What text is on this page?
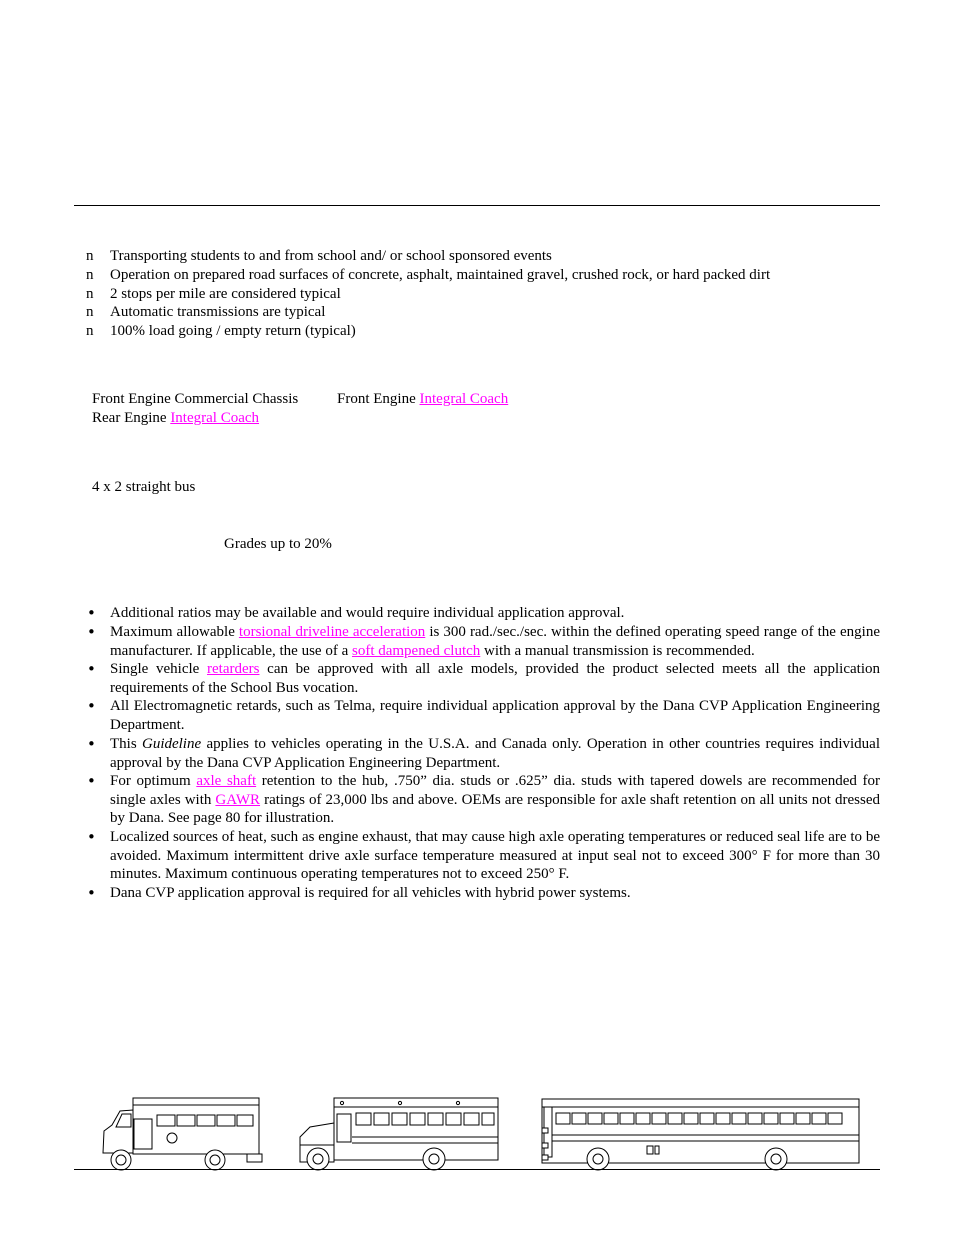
n Transporting students to and from school and/ or school sponsored events
n Operation on prepared road surfaces of concrete, asphalt, maintained gravel, crushed rock, or hard packed dirt
n 2 stops per mile are considered typical
n Automatic transmissions are typical
n 100% load going / empty return (typical)
Front Engine Commercial Chassis	Front Engine Integral Coach
Rear Engine Integral Coach
4 x 2 straight bus
Grades up to 20%
• Additional ratios may be available and would require individual application approval.
• Maximum allowable torsional driveline acceleration is 300 rad./sec./sec. within the defined operating speed range of the engine manufacturer. If applicable, the use of a soft dampened clutch with a manual transmission is recommended.
• Single vehicle retarders can be approved with all axle models, provided the product selected meets all the application requirements of the School Bus vocation.
• All Electromagnetic retards, such as Telma, require individual application approval by the Dana CVP Application Engineering Department.
• This Guideline applies to vehicles operating in the U.S.A. and Canada only. Operation in other countries requires individual approval by the Dana CVP Application Engineering Department.
• For optimum axle shaft retention to the hub, .750” dia. studs or .625” dia. studs with tapered dowels are recommended for single axles with GAWR ratings of 23,000 lbs and above. OEMs are responsible for axle shaft retention on all units not dressed by Dana. See page 80 for illustration.
• Localized sources of heat, such as engine exhaust, that may cause high axle operating temperatures or reduced seal life are to be avoided. Maximum intermittent drive axle surface temperature measured at input seal not to exceed 300° F for more than 30 minutes. Maximum continuous operating temperatures not to exceed 250° F.
• Dana CVP application approval is required for all vehicles with hybrid power systems.
